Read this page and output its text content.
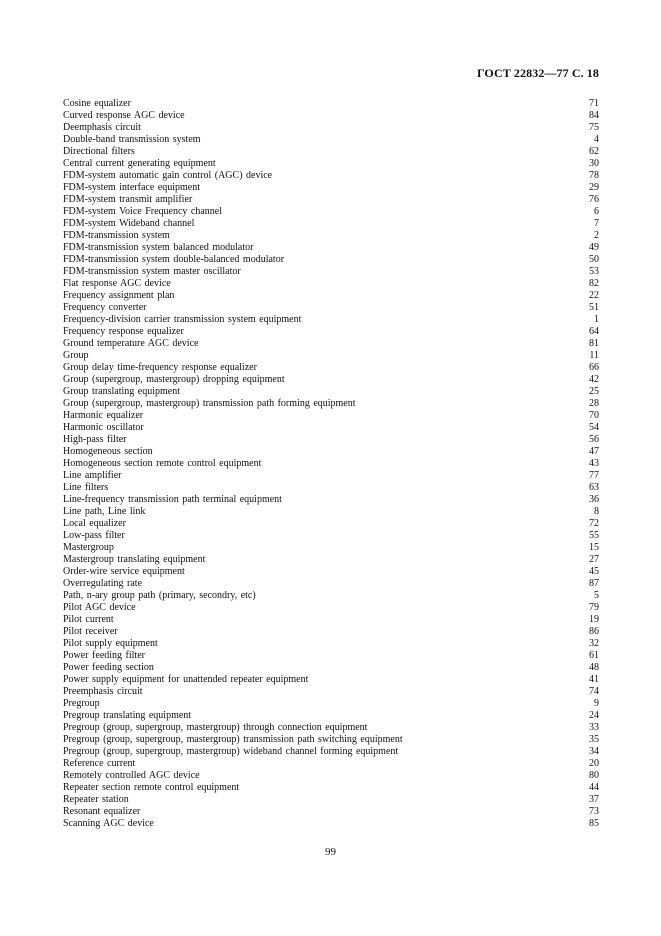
ГОСТ 22832—77 С. 18
Cosine equalizer	71
Curved response AGC device	84
Deemphasis circuit	75
Double-band transmission system	4
Directional filters	62
Central current generating equipment	30
FDM-system automatic gain control (AGC) device	78
FDM-system interface equipment	29
FDM-system transmit amplifier	76
FDM-system Voice Frequency channel	6
FDM-system Wideband channel	7
FDM-transmission system	2
FDM-transmission system balanced modulator	49
FDM-transmission system double-balanced modulator	50
FDM-transmission system master oscillator	53
Flat response AGC device	82
Frequency assignment plan	22
Frequency converter	51
Frequency-division carrier transmission system equipment	1
Frequency response equalizer	64
Ground temperature AGC device	81
Group	11
Group delay time-frequency response equalizer	66
Group (supergroup, mastergroup) dropping equipment	42
Group translating equipment	25
Group (supergroup, mastergroup) transmission path forming equipment	28
Harmonic equalizer	70
Harmonic oscillator	54
High-pass filter	56
Homogeneous section	47
Homogeneous section remote control equipment	43
Line amplifier	77
Line filters	63
Line-frequency transmission path terminal equipment	36
Line path, Line link	8
Local equalizer	72
Low-pass filter	55
Mastergroup	15
Mastergroup translating equipment	27
Order-wire service equipment	45
Overregulating rate	87
Path, n-ary group path (primary, secondry, etc)	5
Pilot AGC device	79
Pilot current	19
Pilot receiver	86
Pilot supply equipment	32
Power feeding filter	61
Power feeding section	48
Power supply equipment for unattended repeater equipment	41
Preemphasis circuit	74
Pregroup	9
Pregroup translating equipment	24
Pregroup (group, supergroup, mastergroup) through connection equipment	33
Pregroup (group, supergroup, mastergroup) transmission path switching equipment	35
Pregroup (group, supergroup, mastergroup) wideband channel forming equipment	34
Reference current	20
Remotely controlled AGC device	80
Repeater section remote control equipment	44
Repeater station	37
Resonant equalizer	73
Scanning AGC device	85
99
